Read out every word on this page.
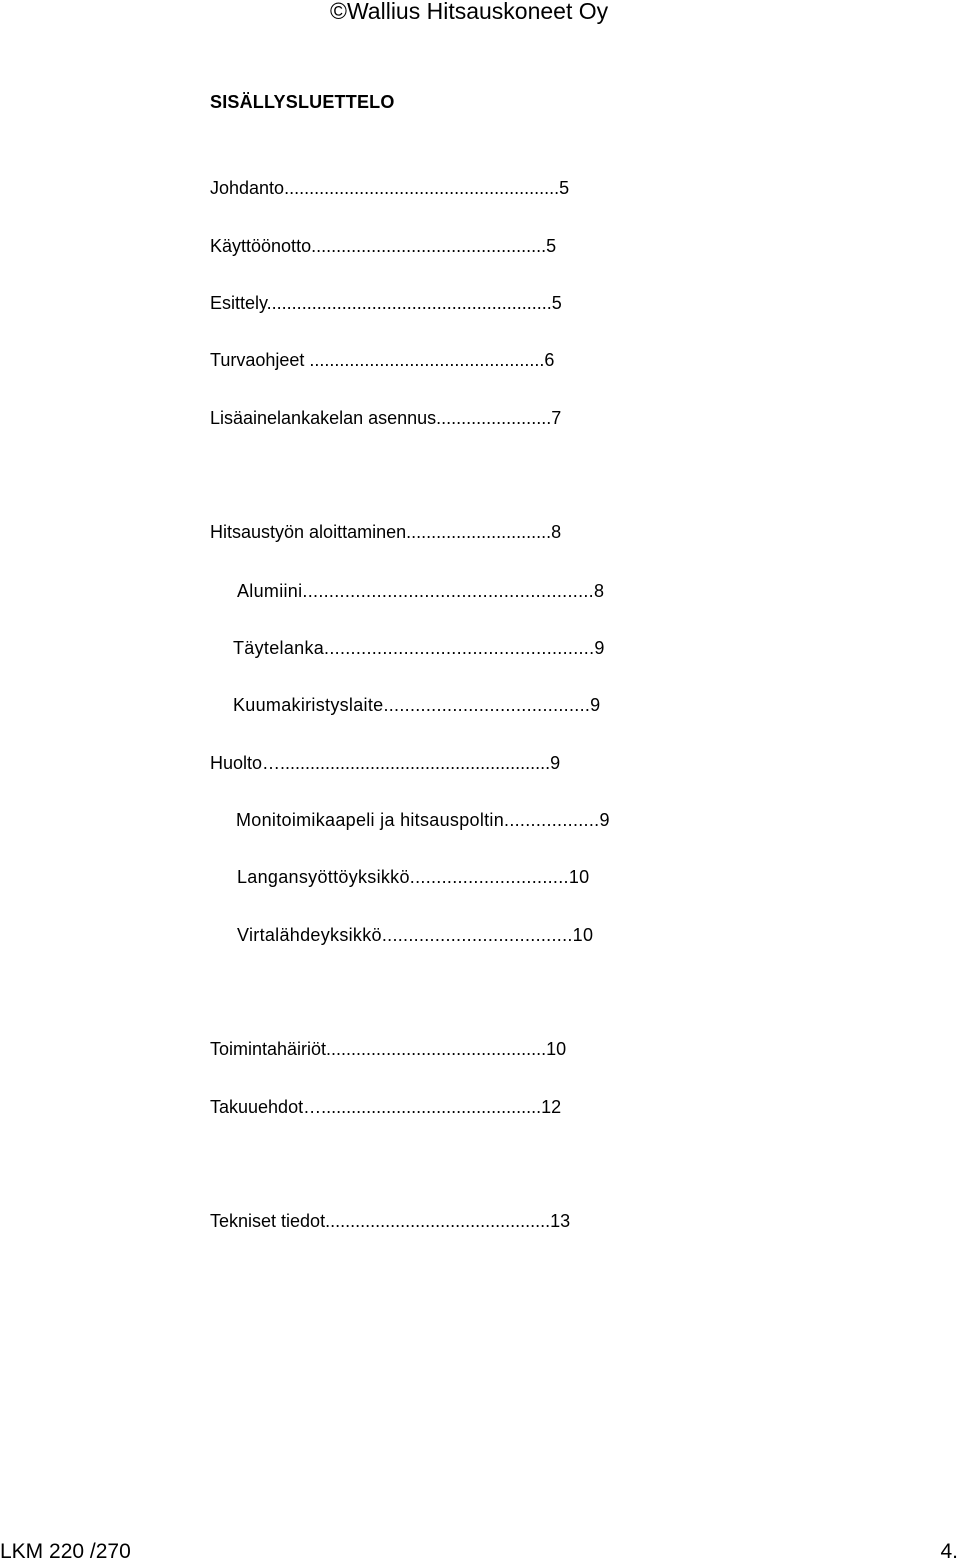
©Wallius Hitsauskoneet Oy
SISÄLLYSLUETTELO
Johdanto.......................................................5
Käyttöönotto...............................................5
Esittely.........................................................5
Turvaohjeet ...............................................6
Lisäainelankakelan asennus.......................7
Hitsaustyön aloittaminen.............................8
Alumiini.......................................................8
Täytelanka...................................................9
Kuumakiristyslaite.......................................9
Huolto…......................................................9
Monitoimikaapeli ja hitsauspoltin..................9
Langansyöttöyksikkö..............................10
Virtalähdeyksikkö....................................10
Toimintahäiriöt............................................10
Takuuehdot…............................................12
Tekniset tiedot.............................................13
LKM 220 /270	4.
